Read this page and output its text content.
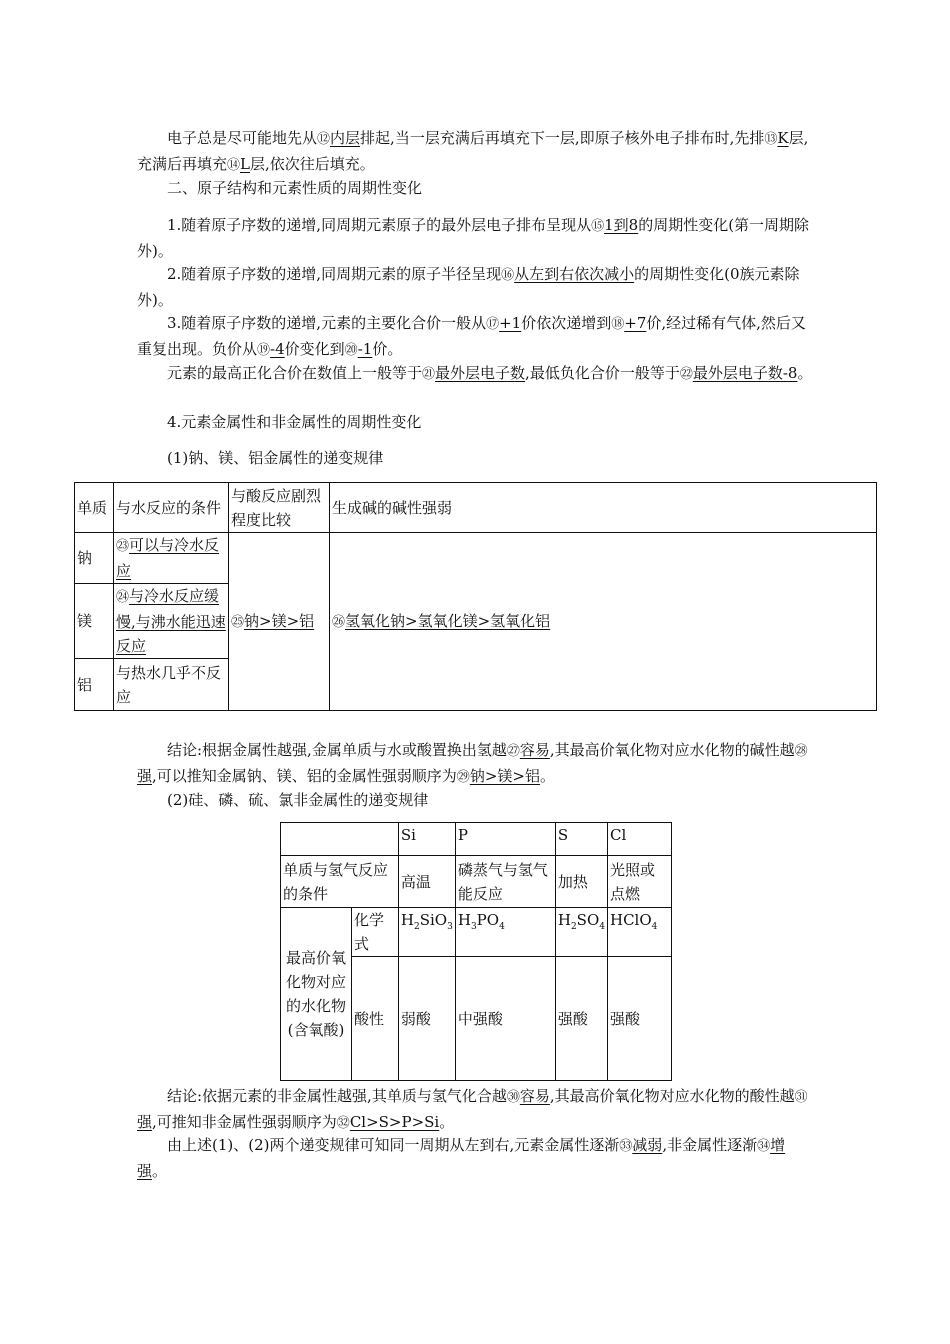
电子总是尽可能地先从⑫内层排起,当一层充满后再填充下一层,即原子核外电子排布时,先排⑬K层,充满后再填充⑭L层,依次往后填充。

二、原子结构和元素性质的周期性变化

1.随着原子序数的递增,同周期元素原子的最外层电子排布呈现从⑮1到8的周期性变化(第一周期除外)。

2.随着原子序数的递增,同周期元素的原子半径呈现⑯从左到右依次减小的周期性变化(0族元素除外)。

3.随着原子序数的递增,元素的主要化合价一般从⑰+1价依次递增到⑱+7价,经过稀有气体,然后又重复出现。负价从⑲-4价变化到⑳-1价。

元素的最高正化合价在数值上一般等于㉑最外层电子数,最低负化合价一般等于㉒最外层电子数-8。

4.元素金属性和非金属性的周期性变化

(1)钠、镁、铝金属性的递变规律

单质	与水反应的条件	与酸反应剧烈程度比较	生成碱的碱性强弱
钠	㉓可以与冷水反应	㉕钠>镁>铝	㉖氢氧化钠>氢氧化镁>氢氧化铝
镁	㉔与冷水反应缓慢,与沸水能迅速反应		
铝	与热水几乎不反应		

结论:根据金属性越强,金属单质与水或酸置换出氢越㉗容易,其最高价氧化物对应水化物的碱性越㉘强,可以推知金属钠、镁、铝的金属性强弱顺序为㉙钠>镁>铝。

(2)硅、磷、硫、氯非金属性的递变规律

		Si	P	S	Cl
单质与氢气反应的条件		高温	磷蒸气与氢气能反应	加热	光照或点燃
最高价氧化物对应的水化物(含氧酸)	化学式	$H_2SiO_3$	$H_3PO_4$	$H_2SO_4$	HClO$_4$
	酸性	弱酸	中强酸	强酸	强酸

结论:依据元素的非金属性越强,其单质与氢气化合越㉚容易,其最高价氧化物对应水化物的酸性越㉛强,可推知非金属性强弱顺序为㉜Cl>S>P>Si。

由上述(1)、(2)两个递变规律可知同一周期从左到右,元素金属性逐渐㉝减弱,非金属性逐渐㉞增强。
